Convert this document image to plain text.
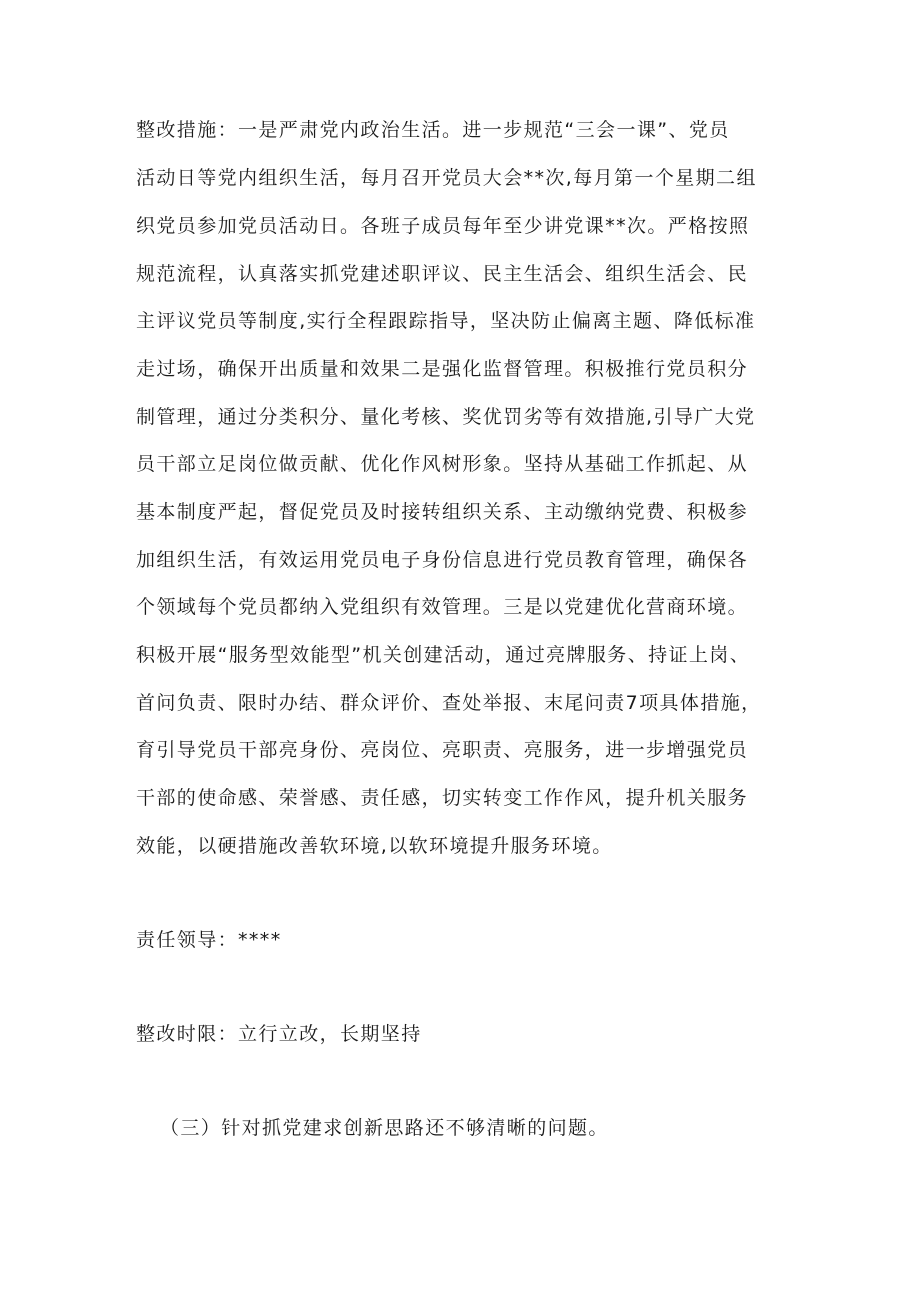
整改措施：一是严肃党内政治生活。进一步规范“三会一课”、党员
活动日等党内组织生活，每月召开党员大会**次,每月第一个星期二组
织党员参加党员活动日。各班子成员每年至少讲党课**次。严格按照
规范流程，认真落实抓党建述职评议、民主生活会、组织生活会、民
主评议党员等制度,实行全程跟踪指导，坚决防止偏离主题、降低标准
走过场，确保开出质量和效果二是强化监督管理。积极推行党员积分
制管理，通过分类积分、量化考核、奖优罚劣等有效措施,引导广大党
员干部立足岗位做贡献、优化作风树形象。坚持从基础工作抓起、从
基本制度严起，督促党员及时接转组织关系、主动缴纳党费、积极参
加组织生活，有效运用党员电子身份信息进行党员教育管理，确保各
个领域每个党员都纳入党组织有效管理。三是以党建优化营商环境。
积极开展“服务型效能型”机关创建活动，通过亮牌服务、持证上岗、
首问负责、限时办结、群众评价、查处举报、末尾问责7项具体措施，
育引导党员干部亮身份、亮岗位、亮职责、亮服务，进一步增强党员
干部的使命感、荣誉感、责任感，切实转变工作作风，提升机关服务
效能，以硬措施改善软环境,以软环境提升服务环境。
责任领导：****
整改时限：立行立改，长期坚持
（三）针对抓党建求创新思路还不够清晰的问题。
